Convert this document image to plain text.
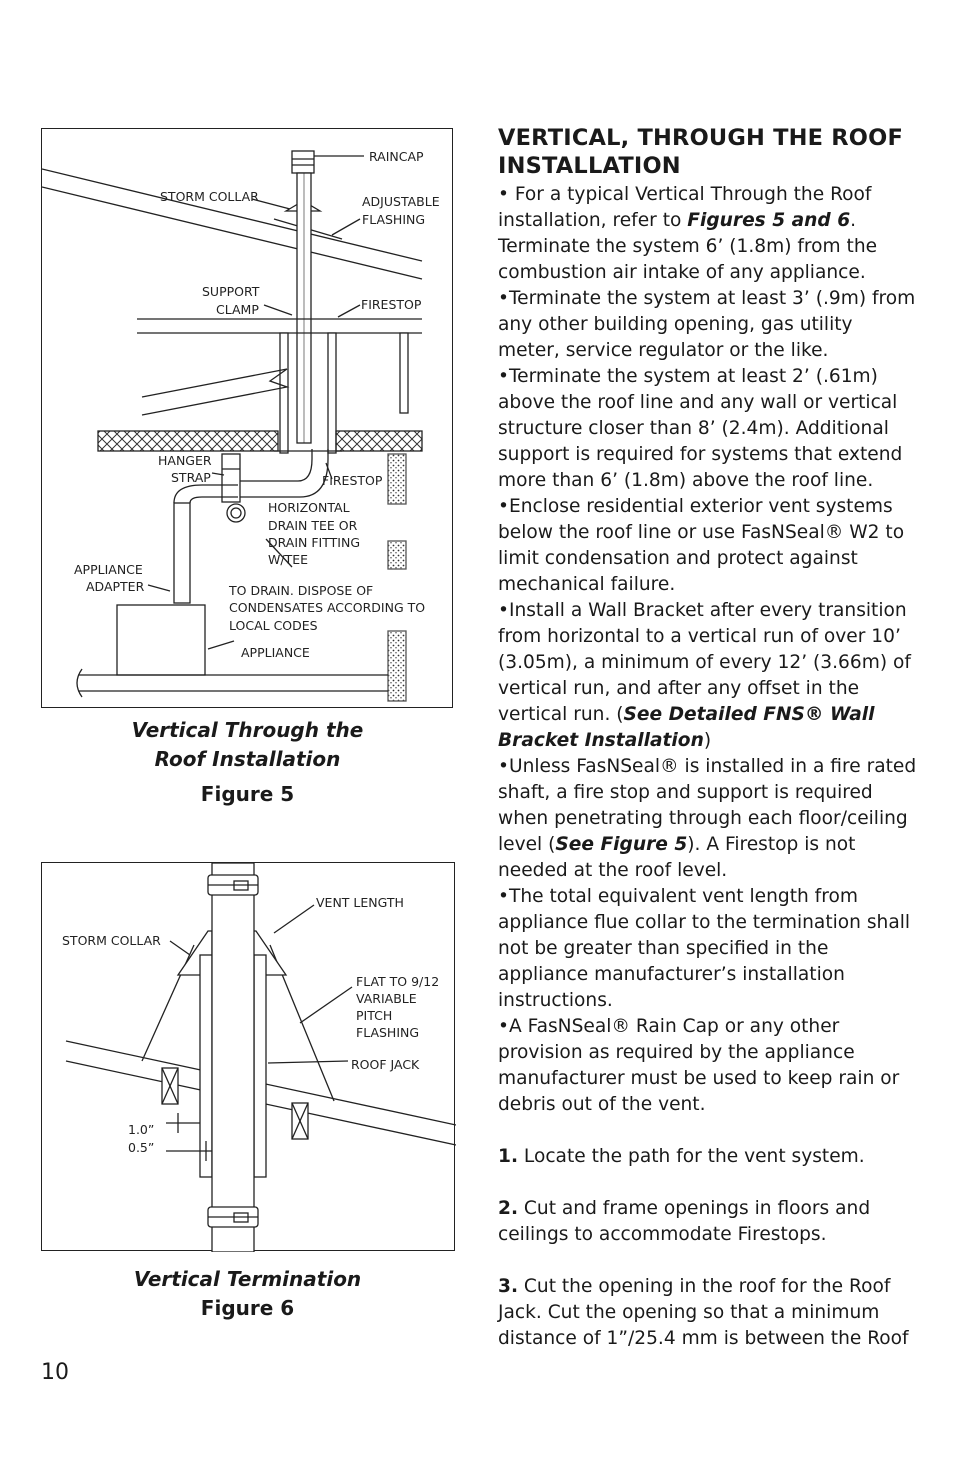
RAINCAP
STORM COLLAR	ADJUSTABLE
FLASHING
SUPPORT
CLAMP	FIRESTOP
HANGER
STRAP	FIRESTOP
HORIZONTAL
DRAIN TEE OR
DRAIN FITTING
W/TEE
APPLIANCE
ADAPTER	TO DRAIN. DISPOSE OF
CONDENSATES ACCORDING TO
LOCAL CODES
APPLIANCE
Vertical Through the
Roof Installation
Figure 5
VENT LENGTH
STORM COLLAR
FLAT TO 9/12
VARIABLE
PITCH
FLASHING
ROOF JACK
1.0”
0.5”
Vertical Termination
Figure 6
VERTICAL, THROUGH THE ROOF INSTALLATION

• For a typical Vertical Through the Roof installation, refer to Figures 5 and 6. Terminate the system 6’ (1.8m) from the combustion air intake of any appliance.

•Terminate the system at least 3’ (.9m) from any other building opening, gas utility meter, service regulator or the like.

•Terminate the system at least 2’ (.61m) above the roof line and any wall or vertical structure closer than 8’ (2.4m). Additional support is required for systems that extend more than 6’ (1.8m) above the roof line.

•Enclose residential exterior vent systems below the roof line or use FasNSeal® W2 to limit condensation and protect against mechanical failure.

•Install a Wall Bracket after every transition from horizontal to a vertical run of over 10’ (3.05m), a minimum of every 12’ (3.66m) of vertical run, and after any offset in the vertical run. (See Detailed FNS® Wall Bracket Installation)

•Unless FasNSeal® is installed in a fire rated shaft, a fire stop and support is required when penetrating through each floor/ceiling level (See Figure 5). A Firestop is not needed at the roof level.

•The total equivalent vent length from appliance flue collar to the termination shall not be greater than specified in the appliance manufacturer’s installation instructions.

•A FasNSeal® Rain Cap or any other provision as required by the appliance manufacturer must be used to keep rain or debris out of the vent.

1. Locate the path for the vent system.

2. Cut and frame openings in floors and ceilings to accommodate Firestops.

3. Cut the opening in the roof for the Roof Jack. Cut the opening so that a minimum distance of 1”/25.4 mm is between the Roof

10
